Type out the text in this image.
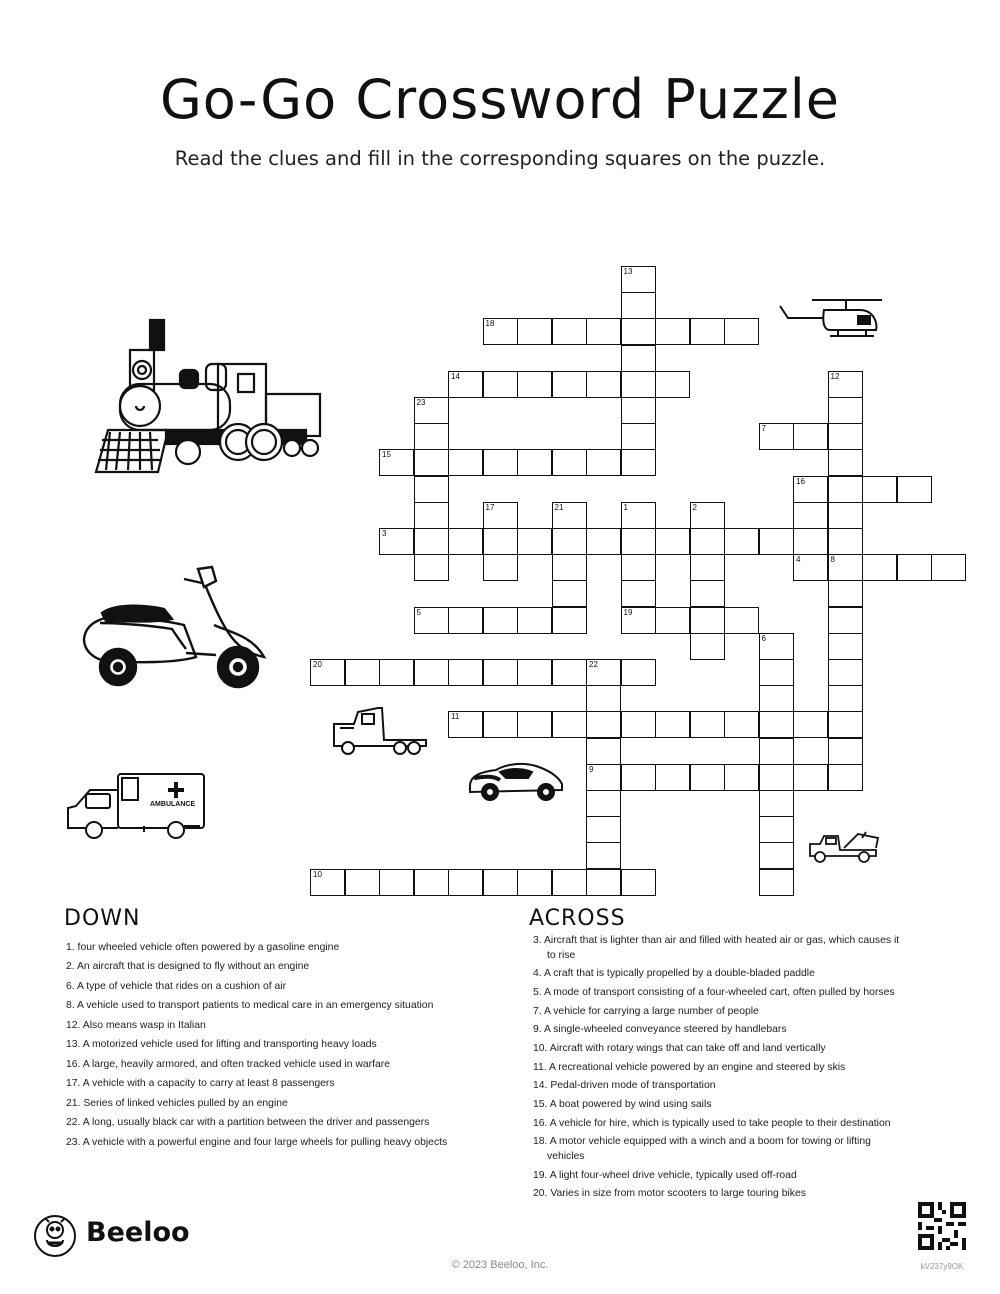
Go-Go Crossword Puzzle
Read the clues and fill in the corresponding squares on the puzzle.
1	2
6
8
12
13
16
4
17	21
22
9
23
3
5
7
10
11
14
15
18
19
20
AMBULANCE
DOWN
1. four wheeled vehicle often powered by a gasoline engine
2. An aircraft that is designed to fly without an engine
6. A type of vehicle that rides on a cushion of air
8. A vehicle used to transport patients to medical care in an emergency situation
12. Also means wasp in Italian
13. A motorized vehicle used for lifting and transporting heavy loads
16. A large, heavily armored, and often tracked vehicle used in warfare
17. A vehicle with a capacity to carry at least 8 passengers
21. Series of linked vehicles pulled by an engine
22. A long, usually black car with a partition between the driver and passengers
23. A vehicle with a powerful engine and four large wheels for pulling heavy objects
ACROSS
3. Aircraft that is lighter than air and filled with heated air or gas, which causes it to rise
4. A craft that is typically propelled by a double-bladed paddle
5. A mode of transport consisting of a four-wheeled cart, often pulled by horses
7. A vehicle for carrying a large number of people
9. A single-wheeled conveyance steered by handlebars
10. Aircraft with rotary wings that can take off and land vertically
11. A recreational vehicle powered by an engine and steered by skis
14. Pedal-driven mode of transportation
15. A boat powered by wind using sails
16. A vehicle for hire, which is typically used to take people to their destination
18. A motor vehicle equipped with a winch and a boom for towing or lifting vehicles
19. A light four-wheel drive vehicle, typically used off-road
20. Varies in size from motor scooters to large touring bikes
Beeloo
© 2023 Beeloo, Inc.	kV237y9OK
